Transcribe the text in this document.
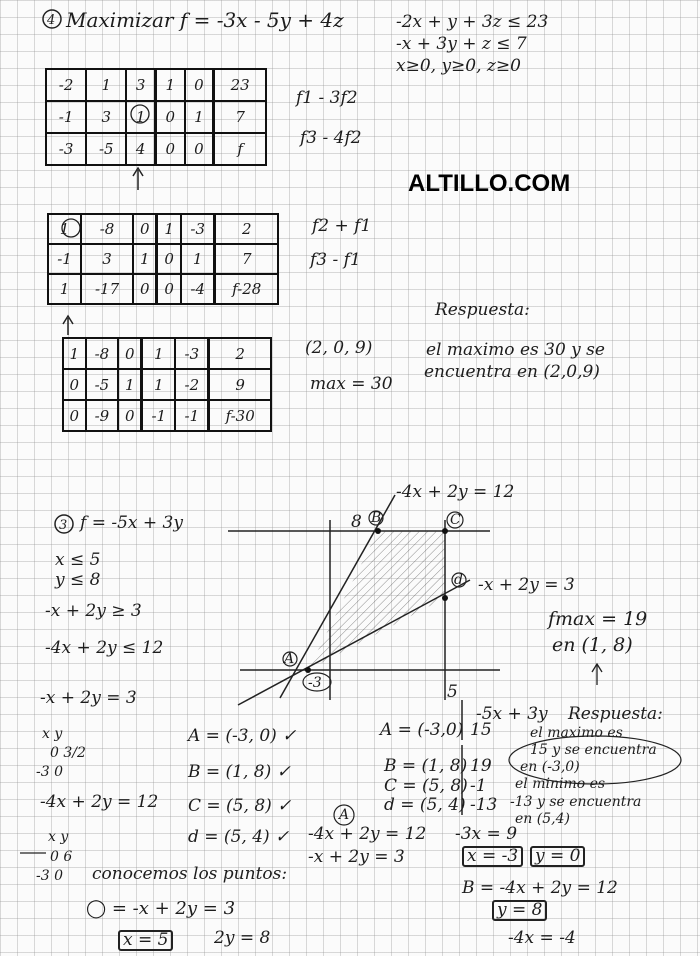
ALTILLO.COM
4 Maximizar f = -3x - 5y + 4z	-2x + y + 3z ≤ 23
-x + 3y + z ≤ 7
x≥0, y≥0, z≥0
-2	1	3	1	0	23
-1	3	1	0	1	7
-3	-5	4	0	0	f
f1 - 3f2
f3 - 4f2
1	-8	0	1	-3	2
-1	3	1	0	1	7
1	-17	0	0	-4	f-28
f2 + f1
f3 - f1
1	-8	0	1	-3	2
0	-5	1	1	-2	9
0	-9	0	-1	-1	f-30
(2, 0, 9)
max = 30
Respuesta:
el maximo es 30 y se
encuentra en (2,0,9)
3 f = -5x + 3y
x ≤ 5
y ≤ 8
-x + 2y ≥ 3
-4x + 2y ≤ 12
-4x + 2y = 12
-x + 2y = 3
8
5
-3
B	C
A
d
fmax = 19
en (1, 8)
-x + 2y = 3
x y
0 3/2
-3 0
-4x + 2y = 12
x y
0 6
-3 0 conocemos los puntos:
A = (-3, 0) ✓
B = (1, 8) ✓
C = (5, 8) ✓
d = (5, 4) ✓
-5x + 3y
A = (-3,0) 15
B = (1, 8) 19
C = (5, 8) -1
d = (5, 4) -13
Respuesta:
el maximo es
15 y se encuentra
en (-3,0)
el minimo es
-13 y se encuentra
en (5,4)
A
-4x + 2y = 12
-x + 2y = 3
-3x = 9
x = -3 y = 0
B = -4x + 2y = 12
y = 8
-4x = -4
◯ = -x + 2y = 3
x = 5	2y = 8
